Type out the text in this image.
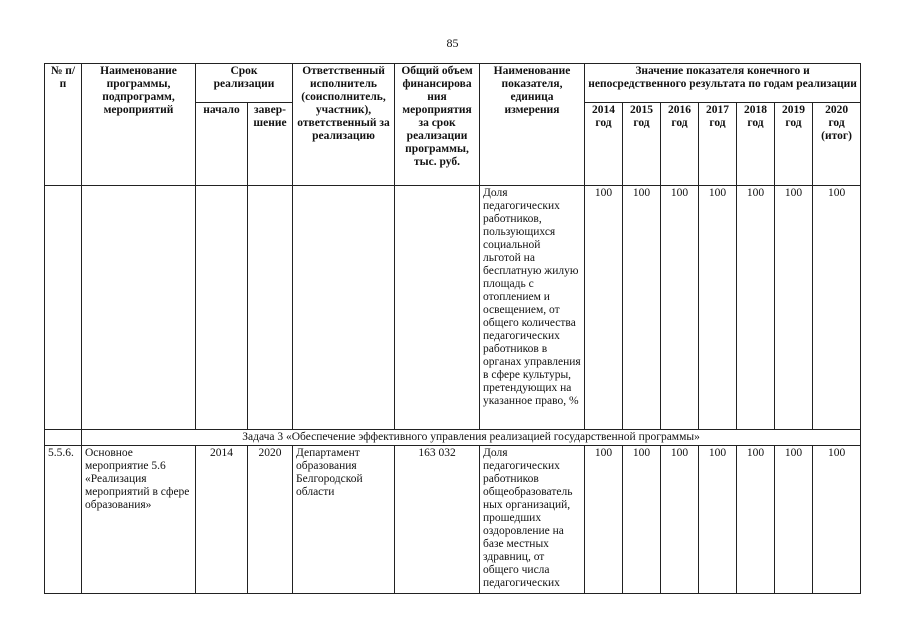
85
№ п/п	Наименование программы, подпрограмм, мероприятий	Срок реализации		Ответственный исполнитель (соисполнитель, участник), ответственный за реализацию	Общий объем финансирова ния мероприятия за срок реализации программы, тыс. руб.	Наименование показателя, единица измерения	Значение показателя конечного и непосредственного результата по годам реализации						
		начало	завер-шение				2014 год	2015 год	2016 год	2017 год	2018 год	2019 год	2020 год (итог)
						Доля педагогических работников, пользующихся социальной льготой на бесплатную жилую площадь с отоплением и освещением, от общего количества педагогических работников в органах управления в сфере культуры, претендующих на указанное право, %	100	100	100	100	100	100	100
	Задача 3 «Обеспечение эффективного управления реализацией государственной программы»												
5.5.6.	Основное мероприятие 5.6 «Реализация мероприятий в сфере образования»	2014	2020	Департамент образования Белгородской области	163 032	Доля педагогических работников общеобразователь ных организаций, прошедших оздоровление на базе местных здравниц, от общего числа педагогических	100	100	100	100	100	100	100
